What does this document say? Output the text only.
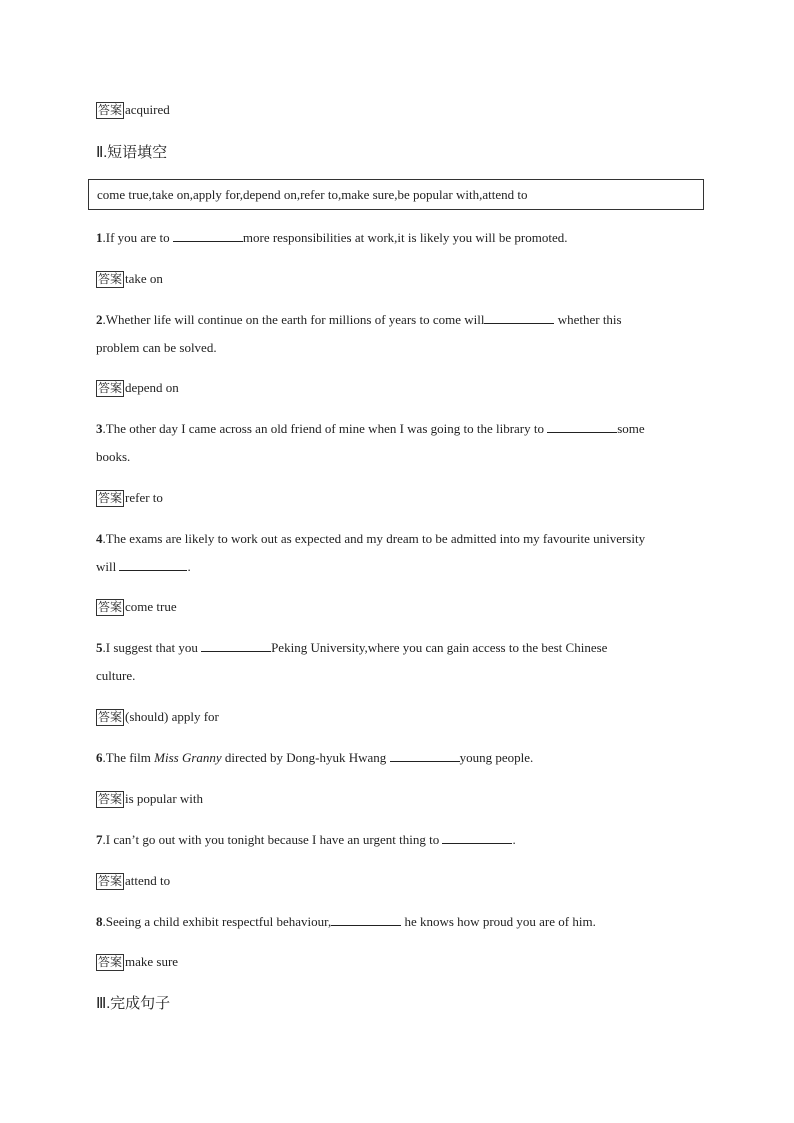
答案 acquired
Ⅱ.短语填空
come true,take on,apply for,depend on,refer to,make sure,be popular with,attend to
1.If you are to	more responsibilities at work,it is likely you will be promoted.
答案 take on
2.Whether life will continue on the earth for millions of years to come will	whether this
problem can be solved.
答案 depend on
3.The other day I came across an old friend of mine when I was going to the library to	some
books.
答案 refer to
4.The exams are likely to work out as expected and my dream to be admitted into my favourite university
will	.
答案 come true
5.I suggest that you	Peking University,where you can gain access to the best Chinese
culture.
答案 (should) apply for
6.The film Miss Granny directed by Dong-hyuk Hwang	young people.
答案 is popular with
7.I can’t go out with you tonight because I have an urgent thing to	.
答案 attend to
8.Seeing a child exhibit respectful behaviour,	he knows how proud you are of him.
答案 make sure
Ⅲ.完成句子
